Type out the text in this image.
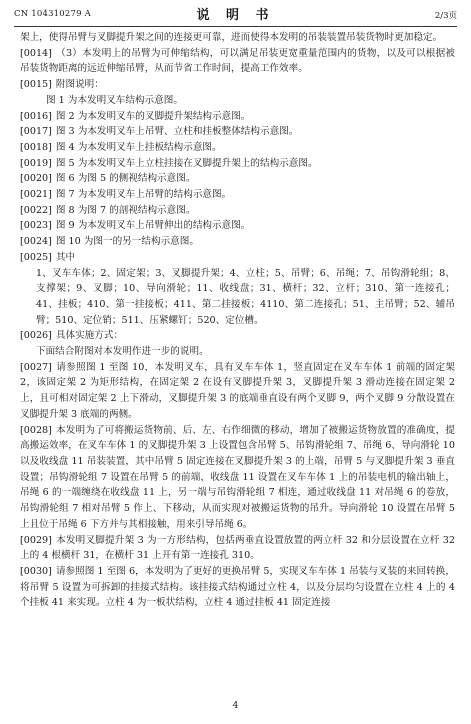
CN 104310279 A	说 明 书	2/3页

架上，使得吊臂与叉脚提升架之间的连接更可靠，进而使得本发明的吊装装置吊装货物时更加稳定。

[0014] （3）本发明上的吊臂为可伸缩结构，可以满足吊装更宽重量范围内的货物，以及可以根据被吊装货物距离的远近伸缩吊臂，从而节省工作时间，提高工作效率。

[0015] 附图说明：

图 1 为本发明叉车结构示意图。

[0016] 图 2 为本发明叉车的叉脚提升架结构示意图。

[0017] 图 3 为本发明叉车上吊臂、立柱和挂板整体结构示意图。

[0018] 图 4 为本发明叉车上挂板结构示意图。

[0019] 图 5 为本发明叉车上立柱挂接在叉脚提升架上的结构示意图。

[0020] 图 6 为图 5 的侧视结构示意图。

[0021] 图 7 为本发明叉车上吊臂的结构示意图。

[0022] 图 8 为图 7 的剖视结构示意图。

[0023] 图 9 为本发明叉车上吊臂伸出的结构示意图。

[0024] 图 10 为图一的另一结构示意图。

[0025] 其中

1、叉车车体；2、固定架；3、叉脚提升架；4、立柱；5、吊臂；6、吊绳；7、吊钩滑轮组；8、支撑架；9、叉脚；10、导向滑轮；11、收线盘；31、横杆；32、立杆；310、第一连接孔；41、挂板；410、第一挂接板；411、第二挂接板；4110、第二连接孔；51、主吊臂；52、辅吊臂；510、定位销；511、压紧螺钉；520、定位槽。

[0026] 具体实施方式：

下面结合附图对本发明作进一步的说明。

[0027] 请参照图 1 至图 10，本发明叉车，具有叉车车体 1，竖直固定在叉车车体 1 前端的固定架 2，该固定架 2 为矩形结构，在固定架 2 在设有叉脚提升架 3，叉脚提升架 3 滑动连接在固定架 2 上，且可相对固定架 2 上下滑动，叉脚提升架 3 的底端垂直设有两个叉脚 9，两个叉脚 9 分散设置在叉脚提升架 3 底端的两侧。

[0028] 本发明为了可将搬运货物前、后、左、右作细微的移动，增加了被搬运货物放置的准确度，提高搬运效率，在叉车车体 1 的叉脚提升架 3 上设置包含吊臂 5、吊钩滑轮组 7、吊绳 6、导向滑轮 10 以及收线盘 11 吊装装置，其中吊臂 5 固定连接在叉脚提升架 3 的上端，吊臂 5 与叉脚提升架 3 垂直设置；吊钩滑轮组 7 设置在吊臂 5 的前端，收线盘 11 设置在叉车车体 1 上的吊装电机的输出轴上，吊绳 6 的一端缠绕在收线盘 11 上，另一端与吊钩滑轮组 7 相连，通过收线盘 11 对吊绳 6 的卷放，吊钩滑轮组 7 相对吊臂 5 作上、下移动，从而实现对被搬运货物的吊升。导向滑轮 10 设置在吊臂 5 上且位于吊绳 6 下方并与其相接触，用来引导吊绳 6。

[0029] 本发明叉脚提升架 3 为一方形结构，包括两垂直设置放置的两立杆 32 和分层设置在立杆 32 上的 4 根横杆 31，在横杆 31 上开有第一连接孔 310。

[0030] 请参照图 1 至图 6，本发明为了更好的更换吊臂 5，实现叉车车体 1 吊装与叉装的来回转换，将吊臂 5 设置为可拆卸的挂接式结构。该挂接式结构通过立柱 4，以及分层均匀设置在立柱 4 上的 4 个挂板 41 来实现。立柱 4 为一板状结构，立柱 4 通过挂板 41 固定连接

4
